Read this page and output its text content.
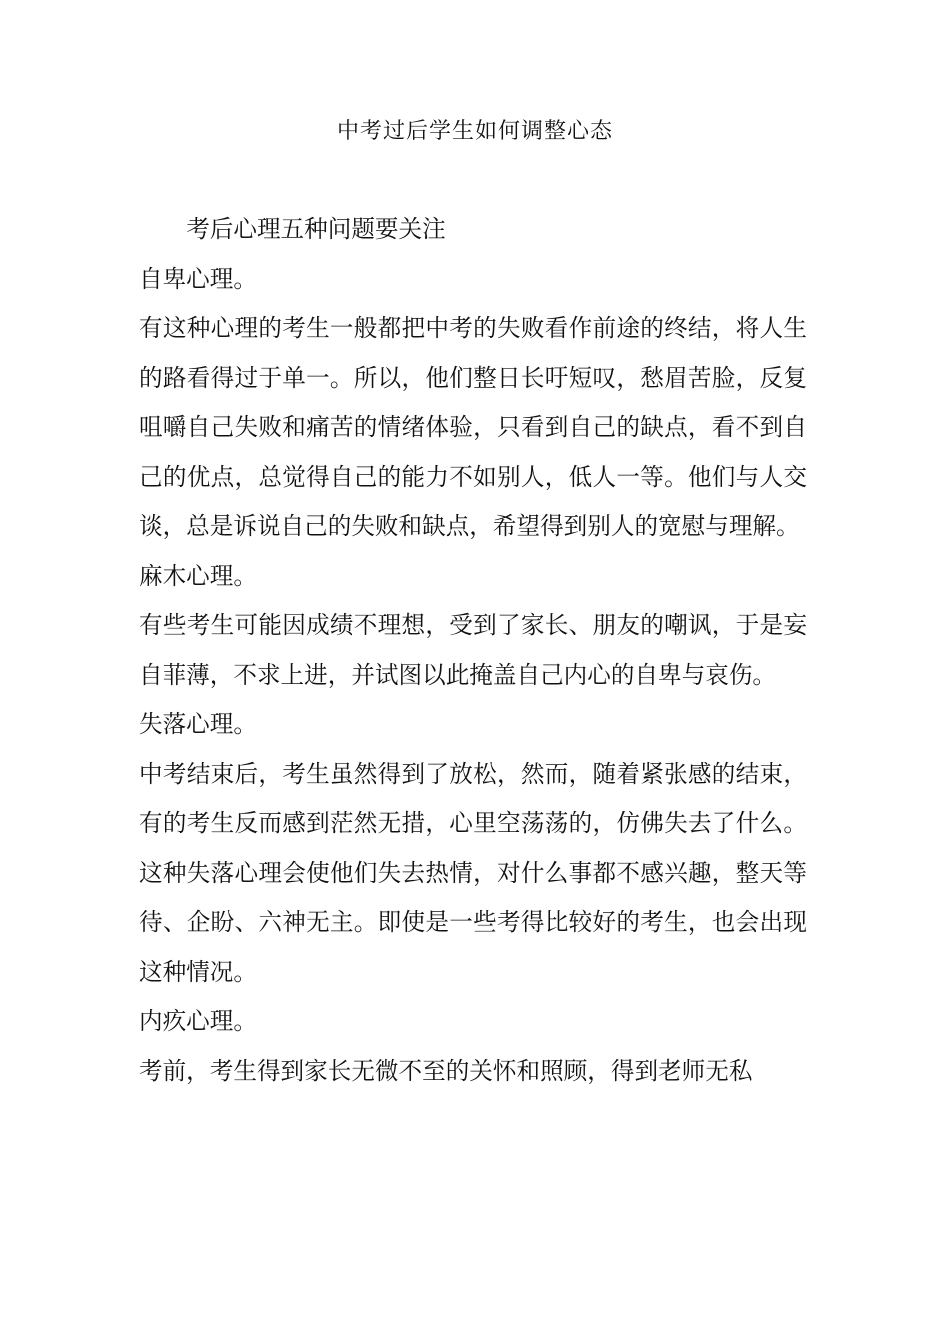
中考过后学生如何调整心态

考后心理五种问题要关注

自卑心理。

有这种心理的考生一般都把中考的失败看作前途的终结，将人生的路看得过于单一。所以，他们整日长吁短叹，愁眉苦脸，反复咀嚼自己失败和痛苦的情绪体验，只看到自己的缺点，看不到自己的优点，总觉得自己的能力不如别人，低人一等。他们与人交谈，总是诉说自己的失败和缺点，希望得到别人的宽慰与理解。

麻木心理。

有些考生可能因成绩不理想，受到了家长、朋友的嘲讽，于是妄自菲薄，不求上进，并试图以此掩盖自己内心的自卑与哀伤。

失落心理。

中考结束后，考生虽然得到了放松，然而，随着紧张感的结束，有的考生反而感到茫然无措，心里空荡荡的，仿佛失去了什么。这种失落心理会使他们失去热情，对什么事都不感兴趣，整天等待、企盼、六神无主。即使是一些考得比较好的考生，也会出现这种情况。

内疚心理。

考前，考生得到家长无微不至的关怀和照顾，得到老师无私
